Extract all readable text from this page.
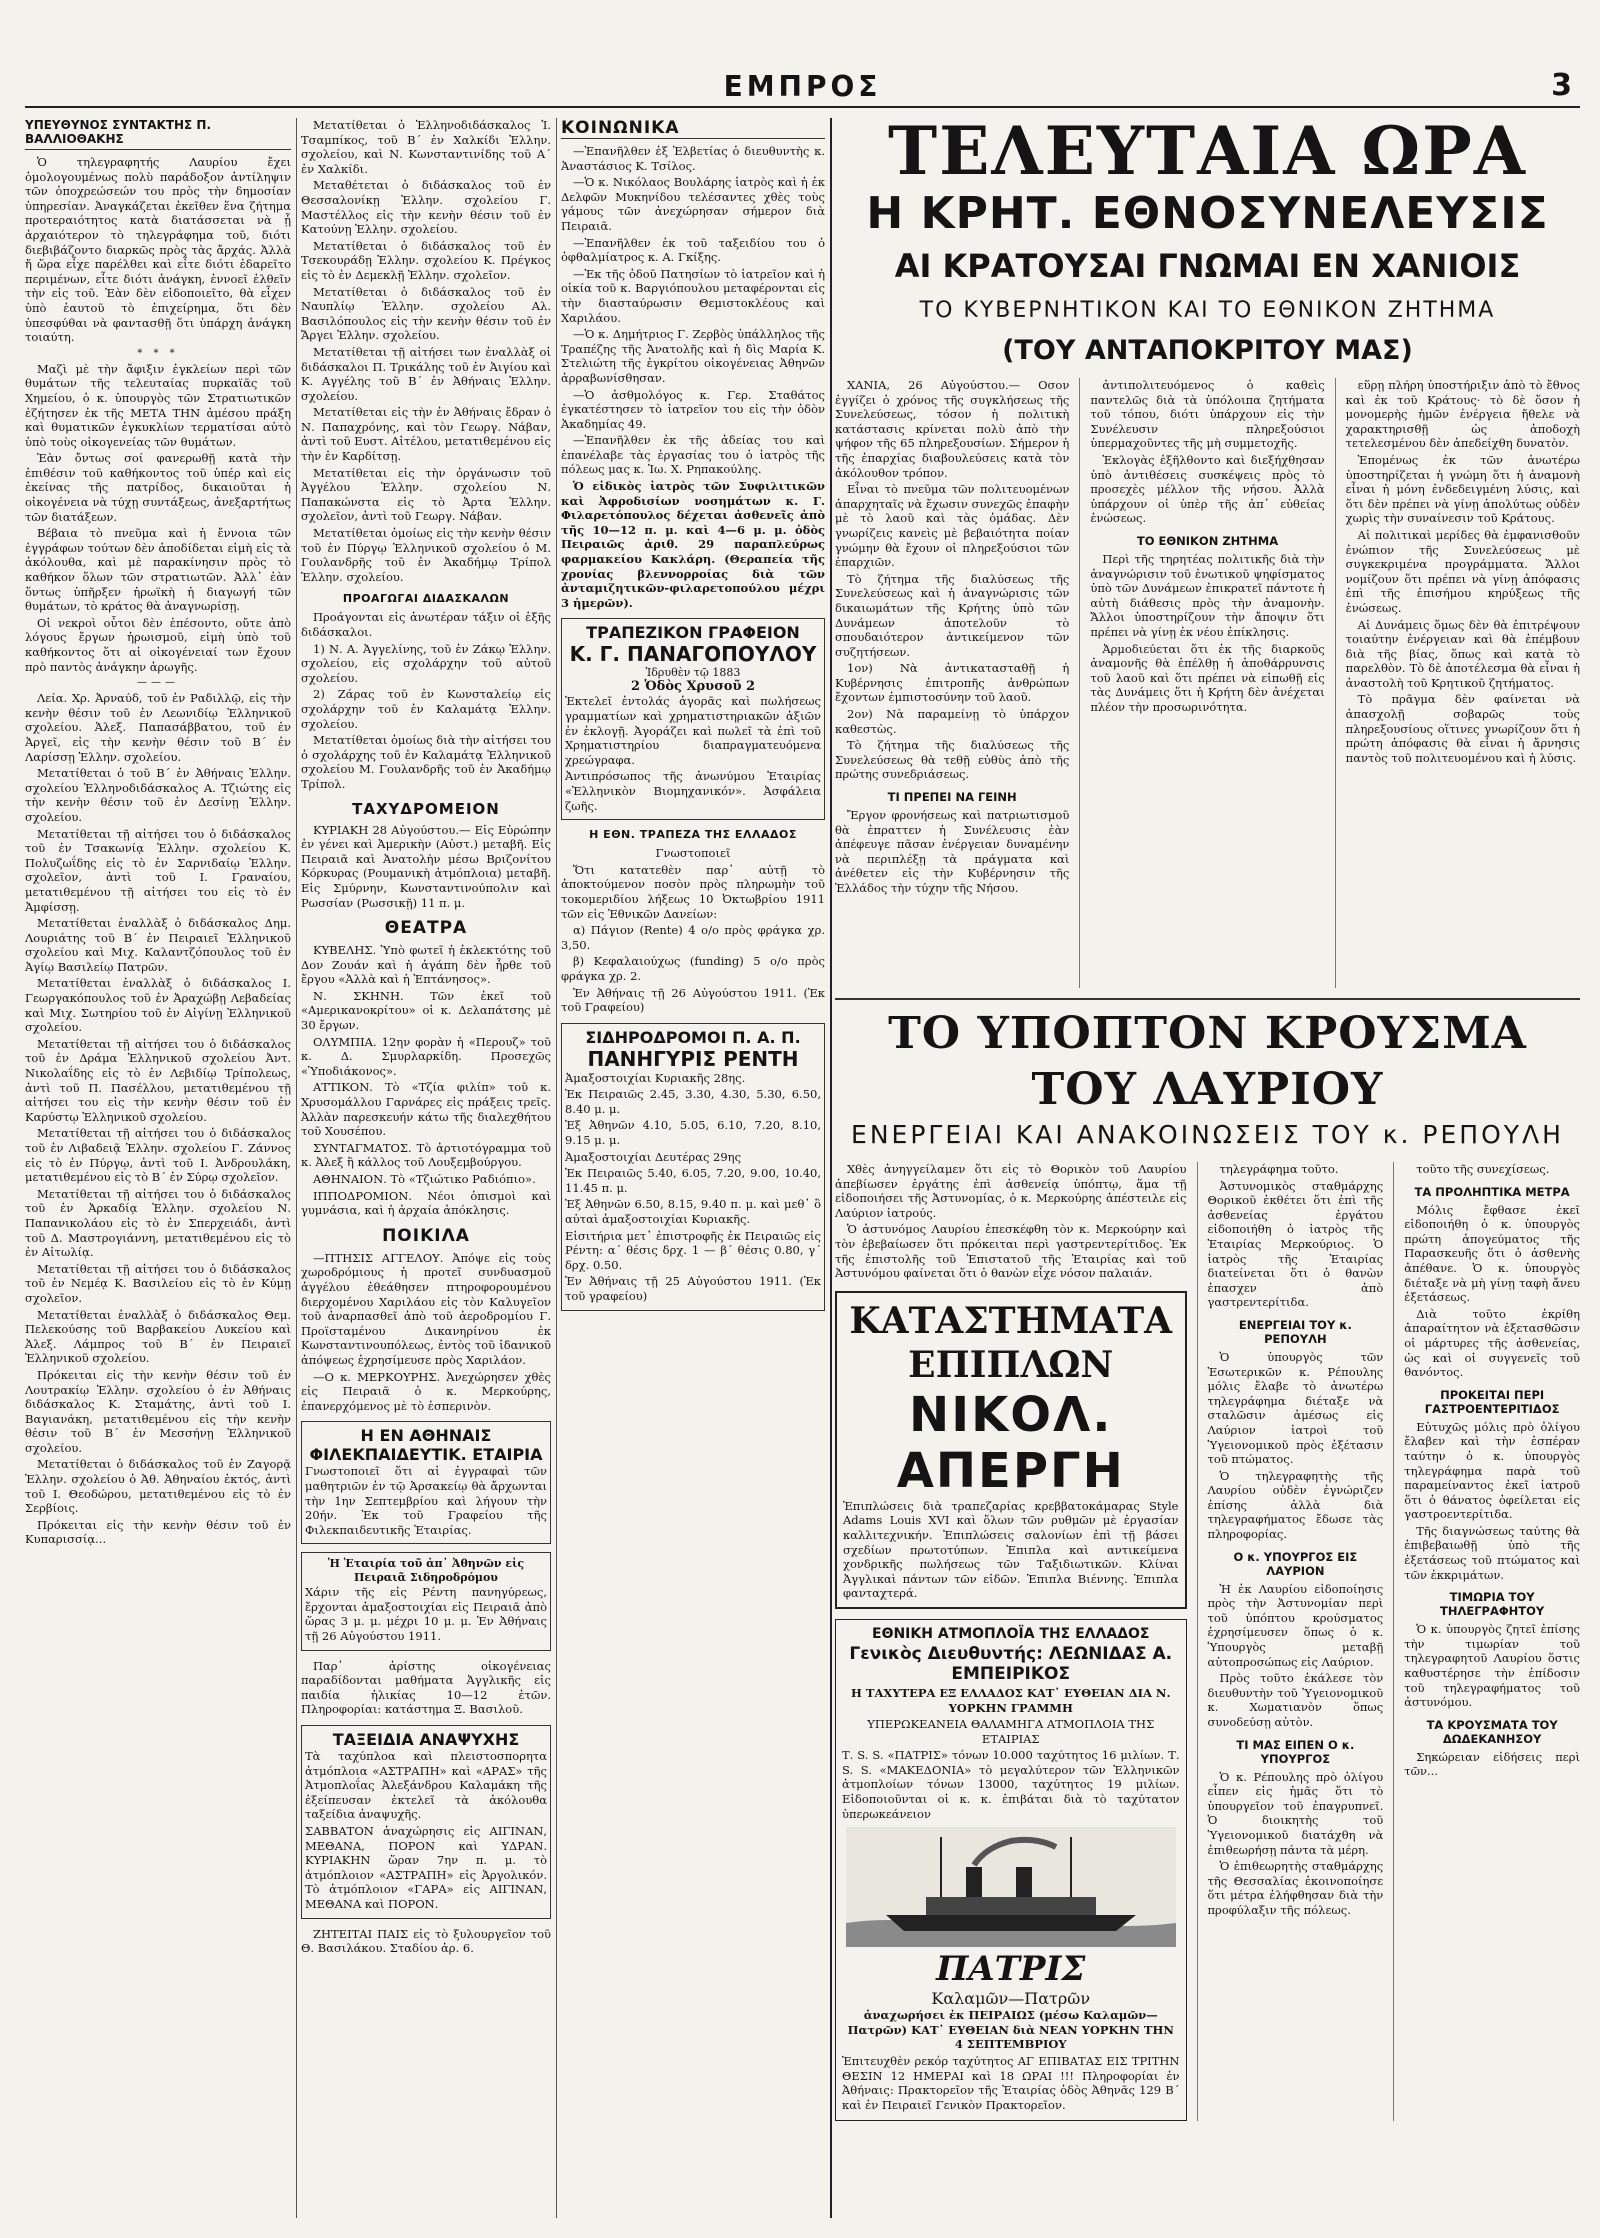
ΕΜΠΡΟΣ	3
ΥΠΕΥΘΥΝΟΣ ΣΥΝΤΑΚΤΗΣ Π. ΒΑΛΛΙΟΘΑΚΗΣ

Ὁ τηλεγραφητής Λαυρίου ἔχει ὁμολογουμένως πολὺ παράδοξον ἀντίληψιν τῶν ὁποχρεώσεών του πρὸς τὴν δημοσίαν ὑπηρεσίαν. Ἀναγκάζεται ἐκεῖθεν ἕνα ζήτημα προτεραιότητος κατὰ διατάσσεται νὰ ᾖ ἀρχαιότερον τὸ τηλεγράφημα τοῦ, διότι διεβιβάζοντο διαρκῶς πρὸς τὰς ἄρχάς. Ἀλλὰ ἤ ὥρα εἶχε παρέλθει καὶ εἶτε διότι ἐδαρεῖτο περιμένων, εἶτε διότι ἀνάγκη, ἐννοεῖ ἐλθεῖν τὴν εἰς τοῦ. Ἐὰν δὲν εἰδοποιεῖτο, θὰ εἶχεν ὑπὸ ἑαυτοῦ τὸ ἐπιχείρημα, ὅτι δὲν ὑπεσφύθαι νὰ φαντασθῇ ὅτι ὑπάρχη ἀνάγκη τοιαύτη.

* * *

Μαζὶ μὲ τὴν ἄφιξιν ἐγκλείων περὶ τῶν θυμάτων τῆς τελευταίας πυρκαϊᾶς τοῦ Χημείου, ὁ κ. ὑπουργὸς τῶν Στρατιωτικῶν ἐζήτησεν ἐκ τῆς ΜΕΤΑ ΤΗΝ ἀμέσου πράξη καὶ θυματικῶν ἐγκυκλίων τερματίσαι αὐτὸ ὑπὸ τοὺς οἰκογενείας τῶν θυμάτων.

Ἐὰν ὄντως σοί φανερωθῇ κατὰ τὴν ἐπιθέσιν τοῦ καθήκοντος τοῦ ὑπέρ καὶ εἰς ἐκείνας τῆς πατρίδος, δικαιοῦται ἡ οἰκογένεια νὰ τύχῃ συντάξεως, ἀνεξαρτήτως τῶν διατάξεων.

Βέβαια τὸ πνεῦμα καὶ ἡ ἔννοια τῶν ἐγγράφων τούτων δὲν ἀποδίδεται εἰμὴ εἰς τὰ ἀκόλουθα, καὶ μὲ παρακίνησιν πρὸς τὸ καθήκον ὅλων τῶν στρατιωτῶν. Ἀλλ᾽ ἐὰν ὅντως ὑπῆρξεν ἡρωϊκὴ ἡ διαγωγή τῶν θυμάτων, τὸ κράτος θὰ ἀναγνωρίσῃ.

Οἱ νεκροὶ οὗτοι δὲν ἐπέσοντο, οὔτε ἀπὸ λόγους ἔργων ἡρωισμοῦ, εἰμὴ ὑπὸ τοῦ καθήκοντος ὅτι αἱ οἰκογένειαί των ἔχουν πρὸ παντὸς ἀνάγκην ἀρωγῆς.

———

Λεία. Χρ. Ἀρναύδ, τοῦ ἐν Ραδιλλῷ, εἰς τὴν κενὴν θέσιν τοῦ ἐν Λεωνιδίῳ Ἑλληνικοῦ σχολείου. Ἀλεξ. Παπασάββατου, τοῦ ἐν Ἀργεῖ, εἰς τὴν κενὴν θέσιν τοῦ Β΄ ἐν Λαρίσσῃ Ἑλλην. σχολείου.

Μετατίθεται ὁ τοῦ Β΄ ἐν Ἀθήναις Ἑλλην. σχολείου Ἑλληνοδιδάσκαλος Α. Τζιώτης εἰς τὴν κενὴν θέσιν τοῦ ἐν Δεσίνῃ Ἑλλην. σχολείου.

Μετατίθεται τῇ αἰτήσει του ὁ διδάσκαλος τοῦ ἐν Τσακωνίᾳ Ἑλλην. σχολείου Κ. Πολυζωΐδης εἰς τὸ ἐν Σαρνιδαίῳ Ἑλλην. σχολεῖον, ἀντὶ τοῦ Ι. Γραναίου, μετατιθεμένου τῇ αἰτήσει του εἰς τὸ ἐν Ἀμφίσσῃ.

Μετατίθεται ἐναλλὰξ ὁ διδάσκαλος Δημ. Λουριάτης τοῦ Β΄ ἐν Πειραιεῖ Ἑλληνικοῦ σχολείου καὶ Μιχ. Καλαντζόπουλος τοῦ ἐν Ἀγίῳ Βασιλείῳ Πατρῶν.

Μετατίθεται ἐναλλὰξ ὁ διδάσκαλος Ι. Γεωργακόπουλος τοῦ ἐν Ἀραχώβῃ Λεβαδείας καὶ Μιχ. Σωτηρίου τοῦ ἐν Αἰγίνῃ Ἑλληνικοῦ σχολείου.

Μετατίθεται τῇ αἰτήσει του ὁ διδάσκαλος τοῦ ἐν Δράμα Ἑλληνικοῦ σχολείου Ἀντ. Νικολαΐδης εἰς τὸ ἐν Λεβιδίῳ Τρίπολεως, ἀντὶ τοῦ Π. Πασέλλου, μετατιθεμένου τῇ αἰτήσει του εἰς τὴν κενὴν θέσιν τοῦ ἐν Καρύστῳ Ἑλληνικοῦ σχολείου.

Μετατίθεται τῇ αἰτήσει του ὁ διδάσκαλος τοῦ ἐν Λιβαδειᾷ Ἑλλην. σχολείου Γ. Ζάννος εἰς τὸ ἐν Πύργῳ, ἀντὶ τοῦ Ι. Ἀνδρουλάκη, μετατιθεμένου εἰς τὸ Β΄ ἐν Σύρῳ σχολεῖον.

Μετατίθεται τῇ αἰτήσει του ὁ διδάσκαλος τοῦ ἐν Ἀρκαδίᾳ Ἑλλην. σχολείου Ν. Παπανικολάου εἰς τὸ ἐν Σπερχειάδι, ἀντὶ τοῦ Δ. Μαστρογιάννη, μετατιθεμένου εἰς τὸ ἐν Αἰτωλίᾳ.

Μετατίθεται τῇ αἰτήσει του ὁ διδάσκαλος τοῦ ἐν Νεμέᾳ Κ. Βασιλείου εἰς τὸ ἐν Κύμῃ σχολεῖον.

Μετατίθεται ἐναλλὰξ ὁ διδάσκαλος Θεμ. Πελεκούσης τοῦ Βαρβακείου Λυκείου καὶ Ἀλεξ. Λάμπρος τοῦ Β΄ ἐν Πειραιεῖ Ἑλληνικοῦ σχολείου.

Πρόκειται εἰς τὴν κενὴν θέσιν τοῦ ἐν Λουτρακίῳ Ἑλλην. σχολείου ὁ ἐν Ἀθήναις διδάσκαλος Κ. Σταμάτης, ἀντὶ τοῦ Ι. Βαγιανάκη, μετατιθεμένου εἰς τὴν κενὴν θέσιν τοῦ Β΄ ἐν Μεσσήνῃ Ἑλληνικοῦ σχολείου.

Μετατίθεται ὁ διδάσκαλος τοῦ ἐν Ζαγορᾷ Ἑλλην. σχολείου ὁ Ἀθ. Ἀθηναίου ἐκτός, ἀντὶ τοῦ Ι. Θεοδώρου, μετατιθεμένου εἰς τὸ ἐν Σερβίοις.

Πρόκειται εἰς τὴν κενὴν θέσιν τοῦ ἐν Κυπαρισσίᾳ...

Μετατίθεται ὁ Ἑλληνοδιδάσκαλος Ἰ. Τσαμπίκος, τοῦ Β΄ ἐν Χαλκίδι Ἑλλην. σχολείου, καὶ Ν. Κωνσταντινίδης τοῦ Α΄ ἐν Χαλκίδι.

Μεταθέτεται ὁ διδάσκαλος τοῦ ἐν Θεσσαλονίκῃ Ἑλλην. σχολείου Γ. Μαστέλλος εἰς τὴν κενὴν θέσιν τοῦ ἐν Κατούνῃ Ἑλλην. σχολείου.

Μετατίθεται ὁ διδάσκαλος τοῦ ἐν Τσεκουράδῃ Ἑλλην. σχολείου Κ. Πρέγκος εἰς τὸ ἐν Δεμεκλῇ Ἑλλην. σχολεῖον.

Μετατίθεται ὁ διδάσκαλος τοῦ ἐν Ναυπλίῳ Ἑλλην. σχολείου Αλ. Βασιλόπουλος εἰς τὴν κενὴν θέσιν τοῦ ἐν Ἄργει Ἑλλην. σχολείου.

Μετατίθεται τῇ αἰτήσει των ἐναλλὰξ οἱ διδάσκαλοι Π. Τρικάλης τοῦ ἐν Ἀιγίου καὶ Κ. Αγγέλης τοῦ Β΄ ἐν Ἀθήναις Ἑλλην. σχολείου.

Μετατίθεται εἰς τὴν ἐν Ἀθήναις ἔδραν ὁ Ν. Παπαχρόνης, καὶ τὸν Γεωργ. Νάβαν, ἀντὶ τοῦ Ευστ. Αἰτέλου, μετατιθεμένου εἰς τὴν ἐν Καρδίτσῃ.

Μετατίθεται εἰς τὴν ὀργάνωσιν τοῦ Ἀγγέλου Ἑλλην. σχολείου Ν. Παπακώνστα εἰς τὸ Ἀρτα Ἑλλην. σχολεῖον, ἀντὶ τοῦ Γεωργ. Νάβαν.

Μετατίθεται ὁμοίως εἰς τὴν κενὴν θέσιν τοῦ ἐν Πύργῳ Ἑλληνικοῦ σχολείου ὁ Μ. Γουλανδρῆς τοῦ ἐν Ἀκαδήμῳ Τρίπολ Ἑλλην. σχολείου.

ΠΡΟΑΓΩΓΑΙ ΔΙΔΑΣΚΑΛΩΝ

Προάγονται εἰς ἀνωτέραν τάξιν οἱ ἑξῆς διδάσκαλοι.

1) Ν. Α. Ἀγγελίνης, τοῦ ἐν Ζάκῳ Ἑλλην. σχολείου, εἰς σχολάρχην τοῦ αὐτοῦ σχολείου.

2) Ζάρας τοῦ ἐν Κωνσταλείῳ εἰς σχολάρχην τοῦ ἐν Καλαμάτᾳ Ἑλλην. σχολείου.

Μετατίθεται ὁμοίως διὰ τὴν αἰτήσει του ὁ σχολάρχης τοῦ ἐν Καλαμάτᾳ Ἑλληνικοῦ σχολείου Μ. Γουλανδρῆς τοῦ ἐν Ἀκαδήμῳ Τρίπολ.

ΤΑΧΥΔΡΟΜΕΙΟΝ

ΚΥΡΙΑΚΗ 28 Αὐγούστου.— Εἰς Εὐρώπην ἐν γένει καὶ Ἀμερικὴν (Αὐστ.) μεταβῆ. Εἰς Πειραιᾶ καὶ Ἀνατολὴν μέσω Βριζονίτου Κόρκυρας (Ρουμανικὴ ἀτμόπλοια) μεταβῆ. Εἰς Σμύρνην, Κωνσταντινούπολιν καὶ Ρωσσίαν (Ρωσσικῇ) 11 π. μ.

ΘΕΑΤΡΑ

ΚΥΒΕΛΗΣ. Ὑπὸ φωτεῖ ἡ ἐκλεκτότης τοῦ Δον Ζουάν καὶ ἡ ἀγάπη δὲν ἦρθε τοῦ ἔργου «Ἀλλὰ καὶ ἡ Ἐπτάνησος».

Ν. ΣΚΗΝΗ. Τῶν ἐκεῖ τοῦ «Αμερικανοκρίτου» οἱ κ. Δελαπάτσης μὲ 30 ἔργων.

ΟΛΥΜΠΙΑ. 12ην φορὰν ἡ «Περουζ» τοῦ κ. Δ. Σμυρλαρκίδη. Προσεχῶς «Ὑποδιάκονος».

ΑΤΤΙΚΟΝ. Τὸ «Τζία φιλίπ» τοῦ κ. Χρυσομάλλου Γαρνάρες εἰς πράξεις τρεῖς. Ἀλλὰν παρεσκευήν κάτω τῆς διαλεχθήτου τοῦ Χουσέπου.

ΣΥΝΤΑΓΜΑΤΟΣ. Τὸ ἀρτιοτόγραμμα τοῦ κ. Ἀλεξ ἢ κάλλος τοῦ Λουξεμβούργου.

ΑΘΗΝΑΙΟΝ. Τὸ «Τζιώτικο Ραδιόπιο».

ΙΠΠΟΔΡΟΜΙΟΝ. Νέοι ὁπισμοὶ καὶ γυμνάσια, καὶ ἡ ἀρχαία ἀπόκλησις.

ΠΟΙΚΙΛΑ

—ΠΤΗΣΙΣ ΑΓΓΕΛΟΥ. Ἀπόψε εἰς τοὺς χωροδρόμιους ἡ προτεῖ συνδυασμοῦ ἀγγέλου ἐθεάθησεν πτηροφορουμένου διερχομένου Χαριλάου εἰς τὸν Καλυγεῖον τοῦ ἀναρπασθεῖ ἀπὸ τοῦ ἀεροδρομίου Γ. Προϊσταμένου Δικανηρίνου ἐκ Κωνσταντινουπόλεως, ἐντὸς τοῦ ἰδανικοῦ ἀπόψεως ἐχρησίμευσε πρὸς Χαριλάον.

—Ο κ. ΜΕΡΚΟΥΡΗΣ. Ἀνεχώρησεν χθὲς εἰς Πειραιᾶ ὁ κ. Μερκούρης, ἐπανερχόμενος μὲ τὸ ἑσπερινὸν.

Η ΕΝ ΑΘΗΝΑΙΣ ΦΙΛΕΚΠΑΙΔΕΥΤΙΚ. ΕΤΑΙΡΙΑ

Γνωστοποιεῖ ὅτι αἱ ἐγγραφαὶ τῶν μαθητριῶν ἐν τῷ Ἀρσακείῳ θὰ ἄρχωνται τὴν 1ην Σεπτεμβρίου καὶ λήγουν τὴν 20ήν. Ἐκ τοῦ Γραφείου τῆς Φιλεκπαιδευτικῆς Ἑταιρίας.

Ἡ Ἑταιρία τοῦ ἀπ᾽ Ἀθηνῶν εἰς Πειραιᾶ Σιδηροδρόμου

Χάριν τῆς εἰς Ρέντη πανηγύρεως, ἔρχονται ἀμαξοστοιχίαι εἰς Πειραιᾶ ἀπὸ ὥρας 3 μ. μ. μέχρι 10 μ. μ. Ἐν Ἀθήναις τῇ 26 Αὐγούστου 1911.

Παρ᾽ ἀρίστης οἰκογένειας παραδίδονται μαθήματα Ἀγγλικῆς εἰς παιδία ἡλικίας 10—12 ἐτῶν. Πληροφορίαι: κατάστημα Ξ. Βασιλοῦ.

ΤΑΞΕΙΔΙΑ ΑΝΑΨΥΧΗΣ

Τὰ ταχύπλοα καὶ πλειστοσπορητα ἀτμόπλοια «ΑΣΤΡΑΠΗ» καὶ «ΑΡΑΣ» τῆς Ἀτμοπλοΐας Ἀλεξάνδρου Καλαμάκη τῆς ἐξείπευσαν ἐκτελεῖ τὰ ἀκόλουθα ταξείδια ἀναψυχῆς.

ΣΑΒΒΑΤΟΝ ἀναχώρησις εἰς ΑΙΓΙΝΑΝ, ΜΕΘΑΝΑ, ΠΟΡΟΝ καὶ ΥΔΡΑΝ. ΚΥΡΙΑΚΗΝ ὥραν 7ην π. μ. τὸ ἀτμόπλοιον «ΑΣΤΡΑΠΗ» εἰς Ἀργολικόν. Τὸ ἀτμόπλοιον «ΓΑΡΑ» εἰς ΑΙΓΙΝΑΝ, ΜΕΘΑΝΑ καὶ ΠΟΡΟΝ.

ΖΗΤΕΙΤΑΙ ΠΑΙΣ εἰς τὸ ξυλουργεῖον τοῦ Θ. Βασιλάκου. Σταδίου ἀρ. 6.

ΚΟΙΝΩΝΙΚΑ

—Ἐπανῆλθεν ἐξ Ἐλβετίας ὁ διευθυντὴς κ. Ἀναστάσιος Κ. Τσίλος.

—Ὁ κ. Νικόλαος Βουλάρης ἰατρὸς καὶ ἡ ἐκ Δελφῶν Μυκηνίδου τελέσαντες χθὲς τοὺς γάμους τῶν ἀνεχώρησαν σήμερον διὰ Πειραιᾶ.

—Ἐπανῆλθεν ἐκ τοῦ ταξειδίου του ὁ ὀφθαλμίατρος κ. Α. Γκίξης.

—Ἐκ τῆς ὁδοῦ Πατησίων τὸ ἰατρεῖον καὶ ἡ οἰκία τοῦ κ. Βαργιόπουλου μεταφέρονται εἰς τὴν διασταύρωσιν Θεμιστοκλέους καὶ Χαριλάου.

—Ὁ κ. Δημήτριος Γ. Ζερβὸς ὑπάλληλος τῆς Τραπέζης τῆς Ἀνατολῆς καὶ ἡ δὶς Μαρία Κ. Στελιώτη τῆς ἐγκρίτου οἰκογένειας Ἀθηνῶν ἀρραβωνίσθησαν.

—Ὁ ἀσθμολόγος κ. Γερ. Σταθάτος ἐγκατέστησεν τὸ ἰατρεῖον του εἰς τὴν ὁδὸν Ἀκαδημίας 49.

—Ἐπανῆλθεν ἐκ τῆς ἀδείας του καὶ ἐπανέλαβε τὰς ἐργασίας του ὁ ἰατρὸς τῆς πόλεως μας κ. Ἰω. Χ. Ρηπακούλης.

Ὁ εἰδικὸς ἰατρὸς τῶν Συφιλιτικῶν καὶ Ἀφροδισίων νοσημάτων κ. Γ. Φιλαρετόπουλος δέχεται ἀσθενεῖς ἀπὸ τῆς 10—12 π. μ. καὶ 4—6 μ. μ. ὁδὸς Πειραιῶς ἀριθ. 29 παραπλεύρως φαρμακείου Κακλάρη. (Θεραπεία τῆς χρονίας βλεννορροίας διὰ τῶν ἀνταμιζητικῶν-φιλαρετοπούλου μέχρι 3 ἡμερῶν).

ΤΡΑΠΕΖΙΚΟΝ ΓΡΑΦΕΙΟΝ
Κ. Γ. ΠΑΝΑΓΟΠΟΥΛΟΥ
Ἱδρυθὲν τῷ 1883
2 Ὁδὸς Χρυσοῦ 2

Ἐκτελεῖ ἐντολάς ἀγορᾶς καὶ πωλήσεως γραμματίων καὶ χρηματιστηριακῶν ἀξιῶν ἐν ἐκλογῇ. Ἀγοράζει καὶ πωλεῖ τὰ ἐπὶ τοῦ Χρηματιστηρίου διαπραγματευόμενα χρεώγραφα.

Ἀντιπρόσωπος τῆς ἀνωνύμου Ἑταιρίας «Ἑλληνικὸν Βιομηχανικόν». Ἀσφάλεια ζωῆς.

Η ΕΘΝ. ΤΡΑΠΕΖΑ ΤΗΣ ΕΛΛΑΔΟΣ

Γνωστοποιεῖ

Ὅτι κατατεθὲν παρ᾽ αὐτῇ τὸ ἀποκτούμενον ποσὸν πρὸς πληρωμὴν τοῦ τοκομεριδίου λήξεως 10 Ὀκτωβρίου 1911 τῶν εἰς Ἐθνικῶν Δανείων:

α) Πάγιον (Rente) 4 ο/ο πρὸς φράγκα χρ. 3,50.

β) Κεφαλαιούχως (funding) 5 ο/ο πρὸς φράγκα χρ. 2.

Ἐν Ἀθήναις τῇ 26 Αὐγούστου 1911. (Ἐκ τοῦ Γραφείου)

ΣΙΔΗΡΟΔΡΟΜΟΙ Π. Α. Π.
ΠΑΝΗΓΥΡΙΣ ΡΕΝΤΗ

Ἀμαξοστοιχίαι Κυριακῆς 28ης.

Ἐκ Πειραιῶς 2.45, 3.30, 4.30, 5.30, 6.50, 8.40 μ. μ.

Ἐξ Ἀθηνῶν 4.10, 5.05, 6.10, 7.20, 8.10, 9.15 μ. μ.

Ἀμαξοστοιχίαι Δευτέρας 29ης

Ἐκ Πειραιῶς 5.40, 6.05, 7.20, 9.00, 10.40, 11.45 π. μ.

Ἐξ Ἀθηνῶν 6.50, 8.15, 9.40 π. μ. καὶ μεθ᾽ ὃ αὐταὶ ἀμαξοστοιχίαι Κυριακῆς.

Εἰσιτήρια μετ᾽ ἐπιστροφῆς ἐκ Πειραιῶς εἰς Ρέντη: α΄ θέσις δρχ. 1 — β΄ θέσις 0.80, γ΄ δρχ. 0.50.

Ἐν Ἀθήναις τῇ 25 Αὐγούστου 1911. (Ἐκ τοῦ γραφείου)

ΤΕΛΕΥΤΑΙΑ ΩΡΑ
Η ΚΡΗΤ. ΕΘΝΟΣΥΝΕΛΕΥΣΙΣ
ΑΙ ΚΡΑΤΟΥΣΑΙ ΓΝΩΜΑΙ ΕΝ ΧΑΝΙΟΙΣ
ΤΟ ΚΥΒΕΡΝΗΤΙΚΟΝ ΚΑΙ ΤΟ ΕΘΝΙΚΟΝ ΖΗΤΗΜΑ
(ΤΟΥ ΑΝΤΑΠΟΚΡΙΤΟΥ ΜΑΣ)

ΧΑΝΙΑ, 26 Αὐγούστου.— Οσον ἐγγίζει ὁ χρόνος τῆς συγκλήσεως τῆς Συνελεύσεως, τόσον ἡ πολιτικὴ κατάστασις κρίνεται πολὺ ἀπὸ τὴν ψήφον τῆς 65 πληρεξουσίων. Σήμερον ἡ τῆς ἐπαρχίας διαβουλεύσεις κατὰ τὸν ἀκόλουθον τρόπον.

Εἶναι τὸ πνεῦμα τῶν πολιτευομένων ἀπαρχηταῖς νὰ ἔχωσιν συνεχῶς ἐπαφὴν μὲ τὸ λαοῦ καὶ τὰς ὁμάδας. Δὲν γνωρίζεις κανεὶς μὲ βεβαιότητα ποίαν γνώμην θὰ ἔχουν οἱ πληρεξούσιοι τῶν ἐπαρχιῶν.

Τὸ ζήτημα τῆς διαλύσεως τῆς Συνελεύσεως καὶ ἡ ἀναγνώρισις τῶν δικαιωμάτων τῆς Κρήτης ὑπὸ τῶν Δυνάμεων ἀποτελοῦν τὸ σπουδαιότερον ἀντικείμενον τῶν συζητήσεων.

1ον) Νὰ ἀντικατασταθῇ ἡ Κυβέρνησις ἐπιτροπῆς ἀνθρώπων ἔχοντων ἐμπιστοσύνην τοῦ λαοῦ.

2ον) Νὰ παραμείνῃ τὸ ὑπάρχον καθεστὼς.

Τὸ ζήτημα τῆς διαλύσεως τῆς Συνελεύσεως θὰ τεθῇ εὐθὺς ἀπὸ τῆς πρώτης συνεδριάσεως.

ΤΙ ΠΡΕΠΕΙ ΝΑ ΓΕΙΝΗ

Ἔργον φρονήσεως καὶ πατριωτισμοῦ θὰ ἐπραττεν ἡ Συνέλευσις ἐὰν ἀπέφευγε πᾶσαν ἐνέργειαν δυναμένην νὰ περιπλέξῃ τὰ πράγματα καὶ ἀνέθετεν εἰς τὴν Κυβέρνησιν τῆς Ἑλλάδος τὴν τύχην τῆς Νήσου.

ἀντιπολιτευόμενος ὁ καθεὶς παντελῶς διὰ τὰ ὑπόλοιπα ζητήματα τοῦ τόπου, διότι ὑπάρχουν εἰς τὴν Συνέλευσιν πληρεξούσιοι ὑπερμαχοῦντες τῆς μὴ συμμετοχῆς.

Ἐκλογὰς ἐξῆλθοντο καὶ διεξήχθησαν ὑπὸ ἀντιθέσεις συσκέψεις πρὸς τὸ προσεχὲς μέλλον τῆς νήσου. Ἀλλὰ ὑπάρχουν οἱ ὑπὲρ τῆς ἀπ᾽ εὐθείας ἑνώσεως.

ΤΟ ΕΘΝΙΚΟΝ ΖΗΤΗΜΑ

Περὶ τῆς τηρητέας πολιτικῆς διὰ τὴν ἀναγνώρισιν τοῦ ἐνωτικοῦ ψηφίσματος ὑπὸ τῶν Δυνάμεων ἐπικρατεῖ πάντοτε ἡ αὐτὴ διάθεσις πρὸς τὴν ἀναμονὴν. Ἄλλοι ὑποστηρίζουν τὴν ἄποψιν ὅτι πρέπει νὰ γίνῃ ἐκ νέου ἐπίκλησις.

Ἀρμοδιεύεται ὅτι ἐκ τῆς διαρκοῦς ἀναμονῆς θὰ ἐπέλθῃ ἡ ἀποθάρρυνσις τοῦ λαοῦ καὶ ὅτι πρέπει νὰ εἰπωθῇ εἰς τὰς Δυνάμεις ὅτι ἡ Κρήτη δὲν ἀνέχεται πλέον τὴν προσωρινότητα.

εὕρῃ πλήρη ὑποστήριξιν ἀπὸ τὸ ἔθνος καὶ ἐκ τοῦ Κράτους· τὸ δὲ ὅσον ἡ μονομερὴς ἡμῶν ἐνέργεια ἤθελε νὰ χαρακτηρισθῇ ὡς ἀποδοχὴ τετελεσμένου δὲν ἀπεδείχθη δυνατὸν.

Ἐπομένως ἐκ τῶν ἀνωτέρω ὑποστηρίζεται ἡ γνώμη ὅτι ἡ ἀναμονὴ εἶναι ἡ μόνη ἐνδεδειγμένη λύσις, καὶ ὅτι δὲν πρέπει νὰ γίνῃ ἀπολύτως οὐδὲν χωρὶς τὴν συναίνεσιν τοῦ Κράτους.

Αἱ πολιτικαὶ μερίδες θὰ ἐμφανισθοῦν ἐνώπιον τῆς Συνελεύσεως μὲ συγκεκριμένα προγράμματα. Ἄλλοι νομίζουν ὅτι πρέπει νὰ γίνῃ ἀπόφασις ἐπὶ τῆς ἐπισήμου κηρύξεως τῆς ἑνώσεως.

Αἱ Δυνάμεις ὅμως δὲν θὰ ἐπιτρέψουν τοιαύτην ἐνέργειαν καὶ θὰ ἐπέμβουν διὰ τῆς βίας, ὅπως καὶ κατὰ τὸ παρελθὸν. Τὸ δὲ ἀποτέλεσμα θὰ εἶναι ἡ ἀναστολὴ τοῦ Κρητικοῦ ζητήματος.

Τὸ πρᾶγμα δὲν φαίνεται νὰ ἀπασχολῇ σοβαρῶς τοὺς πληρεξουσίους οἵτινες γνωρίζουν ὅτι ἡ πρώτη ἀπόφασις θὰ εἶναι ἡ ἄρνησις παντὸς τοῦ πολιτευομένου καὶ ἡ λύσις.

ΤΟ ΥΠΟΠΤΟΝ ΚΡΟΥΣΜΑ ΤΟΥ ΛΑΥΡΙΟΥ
ΕΝΕΡΓΕΙΑΙ ΚΑΙ ΑΝΑΚΟΙΝΩΣΕΙΣ ΤΟΥ κ. ΡΕΠΟΥΛΗ

Χθὲς ἀνηγγείλαμεν ὅτι εἰς τὸ Θορικὸν τοῦ Λαυρίου ἀπεβίωσεν ἐργάτης ἐπὶ ἀσθενείᾳ ὑπόπτῳ, ἅμα τῇ εἰδοποιήσει τῆς Ἀστυνομίας, ὁ κ. Μερκούρης ἀπέστειλε εἰς Λαύριον ἰατρούς.

Ὁ ἀστυνόμος Λαυρίου ἐπεσκέφθη τὸν κ. Μερκούρην καὶ τὸν ἐβεβαίωσεν ὅτι πρόκειται περὶ γαστρεντερίτιδος. Ἐκ τῆς ἐπιστολῆς τοῦ Ἐπιστατοῦ τῆς Ἑταιρίας καὶ τοῦ Ἀστυνόμου φαίνεται ὅτι ὁ θανὼν εἶχε νόσον παλαιάν.

ΚΑΤΑΣΤΗΜΑΤΑ ΕΠΙΠΛΩΝ
ΝΙΚΟΛ. ΑΠΕΡΓΗ

Ἐπιπλώσεις διὰ τραπεζαρίας κρεββατοκάμαρας Style Adams Louis XVI καὶ ὅλων τῶν ρυθμῶν μὲ ἐργασίαν καλλιτεχνικήν. Ἐπιπλώσεις σαλονίων ἐπὶ τῇ βάσει σχεδίων πρωτοτύπων. Ἐπιπλα καὶ αντικείμενα χονδρικῆς πωλήσεως τῶν Ταξιδιωτικῶν. Κλίναι Ἀγγλικαὶ πάντων τῶν εἰδῶν. Ἐπιπλα Βιέννης. Ἐπιπλα φανταχτερά.

ΕΘΝΙΚΗ ΑΤΜΟΠΛΟΪΑ ΤΗΣ ΕΛΛΑΔΟΣ
Γενικὸς Διευθυντής: ΛΕΩΝΙΔΑΣ Α. ΕΜΠΕΙΡΙΚΟΣ

Η ΤΑΧΥΤΕΡΑ ΕΞ ΕΛΛΑΔΟΣ ΚΑΤ᾽ ΕΥΘΕΙΑΝ ΔΙΑ Ν. ΥΟΡΚΗΝ ΓΡΑΜΜΗ

ΥΠΕΡΩΚΕΑΝΕΙΑ ΘΑΛΑΜΗΓΑ ΑΤΜΟΠΛΟΙΑ ΤΗΣ ΕΤΑΙΡΙΑΣ

Τ. S. S. «ΠΑΤΡΙΣ» τόνων 10.000 ταχύτητος 16 μιλίων. Τ. S. S. «ΜΑΚΕΔΟΝΙΑ» τὸ μεγαλύτερον τῶν Ἑλληνικῶν ἀτμοπλοίων τόνων 13000, ταχύτητος 19 μιλίων. Εἰδοποιοῦνται οἱ κ. κ. ἐπιβάται διὰ τὸ ταχύτατον ὑπερωκεάνειον

ΠΑΤΡΙΣ
Καλαμῶν—Πατρῶν

ἀναχωρήσει ἐκ ΠΕΙΡΑΙΩΣ (μέσω Καλαμῶν—Πατρῶν) ΚΑΤ᾽ ΕΥΘΕΙΑΝ διὰ ΝΕΑΝ ΥΟΡΚΗΝ ΤΗΝ 4 ΣΕΠΤΕΜΒΡΙΟΥ

Ἐπιτευχθὲν ρεκόρ ταχύτητος ΑΓ ΕΠΙΒΑΤΑΣ ΕΙΣ ΤΡΙΤΗΝ ΘΕΣΙΝ 12 ΗΜΕΡΑΙ καὶ 18 ΩΡΑΙ !!! Πληροφορίαι ἐν Ἀθήναις: Πρακτορεῖον τῆς Ἑταιρίας ὁδὸς Ἀθηνᾶς 129 Β΄ καὶ ἐν Πειραιεῖ Γενικὸν Πρακτορεῖον.

τηλεγράφημα τοῦτο.

Ἀστυνομικὸς σταθμάρχης Θορικοῦ ἐκθέτει ὅτι ἐπὶ τῆς ἀσθενείας ἐργάτου εἰδοποιήθη ὁ ἰατρὸς τῆς Ἑταιρίας Μερκούριος. Ὁ ἰατρὸς τῆς Ἑταιρίας διατείνεται ὅτι ὁ θανὼν ἐπασχεν ἀπὸ γαστρεντερίτιδα.

ΕΝΕΡΓΕΙΑΙ ΤΟΥ κ. ΡΕΠΟΥΛΗ

Ὁ ὑπουργὸς τῶν Ἐσωτερικῶν κ. Ρέπουλης μόλις ἔλαβε τὸ ἀνωτέρω τηλεγράφημα διέταξε νὰ σταλῶσιν ἀμέσως εἰς Λαύριον ἰατροὶ τοῦ Ὑγειονομικοῦ πρὸς ἐξέτασιν τοῦ πτώματος.

Ὁ τηλεγραφητὴς τῆς Λαυρίου οὐδὲν ἐγνώριζεν ἐπίσης ἀλλὰ διὰ τηλεγραφήματος ἔδωσε τὰς πληροφορίας.

Ο κ. ΥΠΟΥΡΓΟΣ ΕΙΣ ΛΑΥΡΙΟΝ

Ἡ ἐκ Λαυρίου εἰδοποίησις πρὸς τὴν Ἀστυνομίαν περὶ τοῦ ὑπόπτου κρούσματος ἐχρησίμευσεν ὅπως ὁ κ. Ὑπουργὸς μεταβῇ αὐτοπροσώπως εἰς Λαύριον.

Πρὸς τοῦτο ἐκάλεσε τὸν διευθυντὴν τοῦ Ὑγειονομικοῦ κ. Χωματιανὸν ὅπως συνοδεύσῃ αὐτὸν.

ΤΙ ΜΑΣ ΕΙΠΕΝ Ο κ. ΥΠΟΥΡΓΟΣ

Ὁ κ. Ρέπουλης πρὸ ὀλίγου εἶπεν εἰς ἡμᾶς ὅτι τὸ ὑπουργεῖον τοῦ ἐπαγρυπνεῖ. Ὁ διοικητὴς τοῦ Ὑγειονομικοῦ διατάχθη νὰ ἐπιθεωρήσῃ πάντα τὰ μέρη.

Ὁ ἐπιθεωρητὴς σταθμάρχης τῆς Θεσσαλίας ἐκοινοποίησε ὅτι μέτρα ἐλήφθησαν διὰ τὴν προφύλαξιν τῆς πόλεως.

τοῦτο τῆς συνεχίσεως.

ΤΑ ΠΡΟΛΗΠΤΙΚΑ ΜΕΤΡΑ

Μόλις ἔφθασε ἐκεῖ εἰδοποιήθη ὁ κ. ὑπουργὸς πρώτη ἀπογεύματος τῆς Παρασκευῆς ὅτι ὁ ἀσθενὴς ἀπέθανε. Ὁ κ. ὑπουργὸς διέταξε νὰ μὴ γίνῃ ταφὴ ἄνευ ἐξετάσεως.

Διὰ τοῦτο ἐκρίθη ἀπαραίτητον νὰ ἐξετασθῶσιν οἱ μάρτυρες τῆς ἀσθενείας, ὡς καὶ οἱ συγγενεῖς τοῦ θανόντος.

ΠΡΟΚΕΙΤΑΙ ΠΕΡΙ ΓΑΣΤΡΟΕΝΤΕΡΙΤΙΔΟΣ

Εὐτυχῶς μόλις πρὸ ὀλίγου ἔλαβεν καὶ τὴν ἐσπέραν ταύτην ὁ κ. ὑπουργὸς τηλεγράφημα παρὰ τοῦ παραμείναντος ἐκεῖ ἰατροῦ ὅτι ὁ θάνατος ὀφείλεται εἰς γαστροεντερίτιδα.

Τῆς διαγνώσεως ταύτης θὰ ἐπιβεβαιωθῇ ὑπὸ τῆς ἐξετάσεως τοῦ πτώματος καὶ τῶν ἐκκριμάτων.

ΤΙΜΩΡΙΑ ΤΟΥ ΤΗΛΕΓΡΑΦΗΤΟΥ

Ὁ κ. ὑπουργὸς ζητεῖ ἐπίσης τὴν τιμωρίαν τοῦ τηλεγραφητοῦ Λαυρίου ὅστις καθυστέρησε τὴν ἐπίδοσιν τοῦ τηλεγραφήματος τοῦ ἀστυνόμου.

ΤΑ ΚΡΟΥΣΜΑΤΑ ΤΟΥ ΔΩΔΕΚΑΝΗΣΟΥ

Σηκώρειαν εἰδήσεις περὶ τῶν...
